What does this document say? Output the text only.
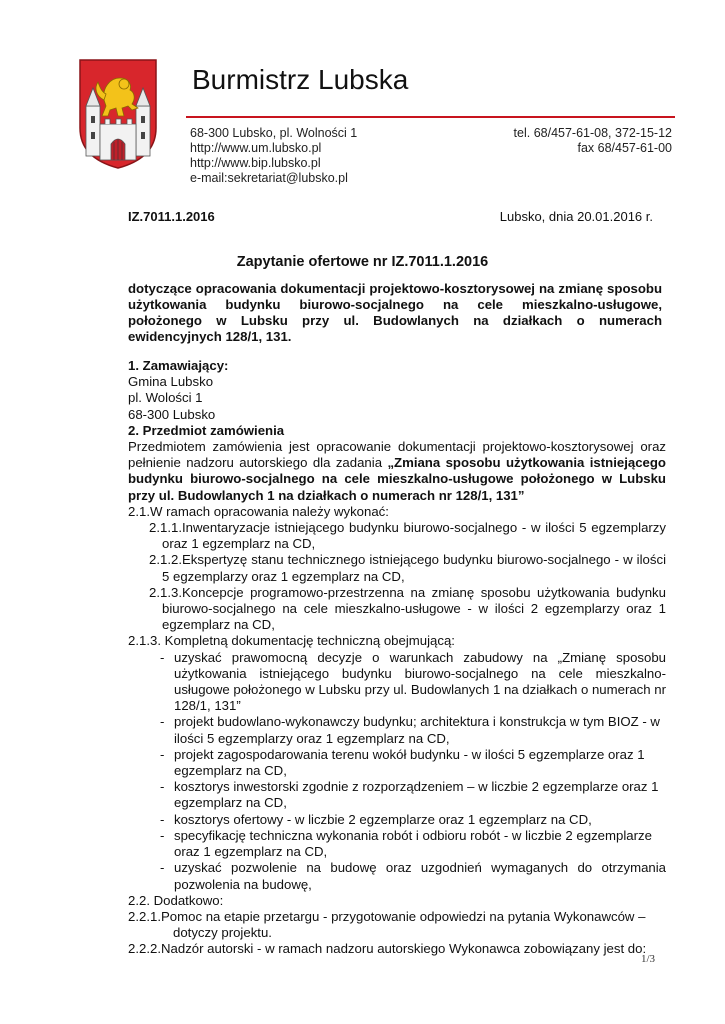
Burmistrz Lubska
68-300 Lubsko, pl. Wolności 1
http://www.um.lubsko.pl
http://www.bip.lubsko.pl
e-mail:sekretariat@lubsko.pl
tel. 68/457-61-08, 372-15-12
fax 68/457-61-00
IZ.7011.1.2016	Lubsko, dnia 20.01.2016 r.
Zapytanie ofertowe nr IZ.7011.1.2016

dotyczące opracowania dokumentacji projektowo-kosztorysowej na zmianę sposobu użytkowania budynku biurowo-socjalnego na cele mieszkalno-usługowe, położonego w Lubsku przy ul. Budowlanych na działkach o numerach ewidencyjnych 128/1, 131.

1. Zamawiający:
Gmina Lubsko
pl. Wolości 1
68-300 Lubsko
2. Przedmiot zamówienia
Przedmiotem zamówienia jest opracowanie dokumentacji projektowo-kosztorysowej oraz pełnienie nadzoru autorskiego dla zadania „Zmiana sposobu użytkowania istniejącego budynku biurowo-socjalnego na cele mieszkalno-usługowe położonego w Lubsku przy ul. Budowlanych 1 na działkach o numerach nr 128/1, 131”
2.1.W ramach opracowania należy wykonać:
2.1.1.Inwentaryzacje istniejącego budynku biurowo-socjalnego - w ilości 5 egzemplarzy oraz 1 egzemplarz na CD,
2.1.2.Ekspertyzę stanu technicznego istniejącego budynku biurowo-socjalnego - w ilości 5 egzemplarzy oraz 1 egzemplarz na CD,
2.1.3.Koncepcje programowo-przestrzenna na zmianę sposobu użytkowania budynku biurowo-socjalnego na cele mieszkalno-usługowe - w ilości 2 egzemplarzy oraz 1 egzemplarz na CD,
2.1.3. Kompletną dokumentację techniczną obejmującą:
- uzyskać prawomocną decyzje o warunkach zabudowy na „Zmianę sposobu użytkowania istniejącego budynku biurowo-socjalnego na cele mieszkalno-usługowe położonego w Lubsku przy ul. Budowlanych 1 na działkach o numerach nr 128/1, 131”
- projekt budowlano-wykonawczy budynku; architektura i konstrukcja w tym BIOZ - w ilości 5 egzemplarzy oraz 1 egzemplarz na CD,
- projekt zagospodarowania terenu wokół budynku - w ilości 5 egzemplarze oraz 1 egzemplarz na CD,
- kosztorys inwestorski zgodnie z rozporządzeniem – w liczbie 2 egzemplarze oraz 1 egzemplarz na CD,
- kosztorys ofertowy - w liczbie 2 egzemplarze oraz 1 egzemplarz na CD,
- specyfikację techniczna wykonania robót i odbioru robót - w liczbie 2 egzemplarze oraz 1 egzemplarz na CD,
- uzyskać pozwolenie na budowę oraz uzgodnień wymaganych do otrzymania pozwolenia na budowę,
2.2. Dodatkowo:
2.2.1.Pomoc na etapie przetargu - przygotowanie odpowiedzi na pytania Wykonawców – dotyczy projektu.
2.2.2.Nadzór autorski - w ramach nadzoru autorskiego Wykonawca zobowiązany jest do:
1/3
